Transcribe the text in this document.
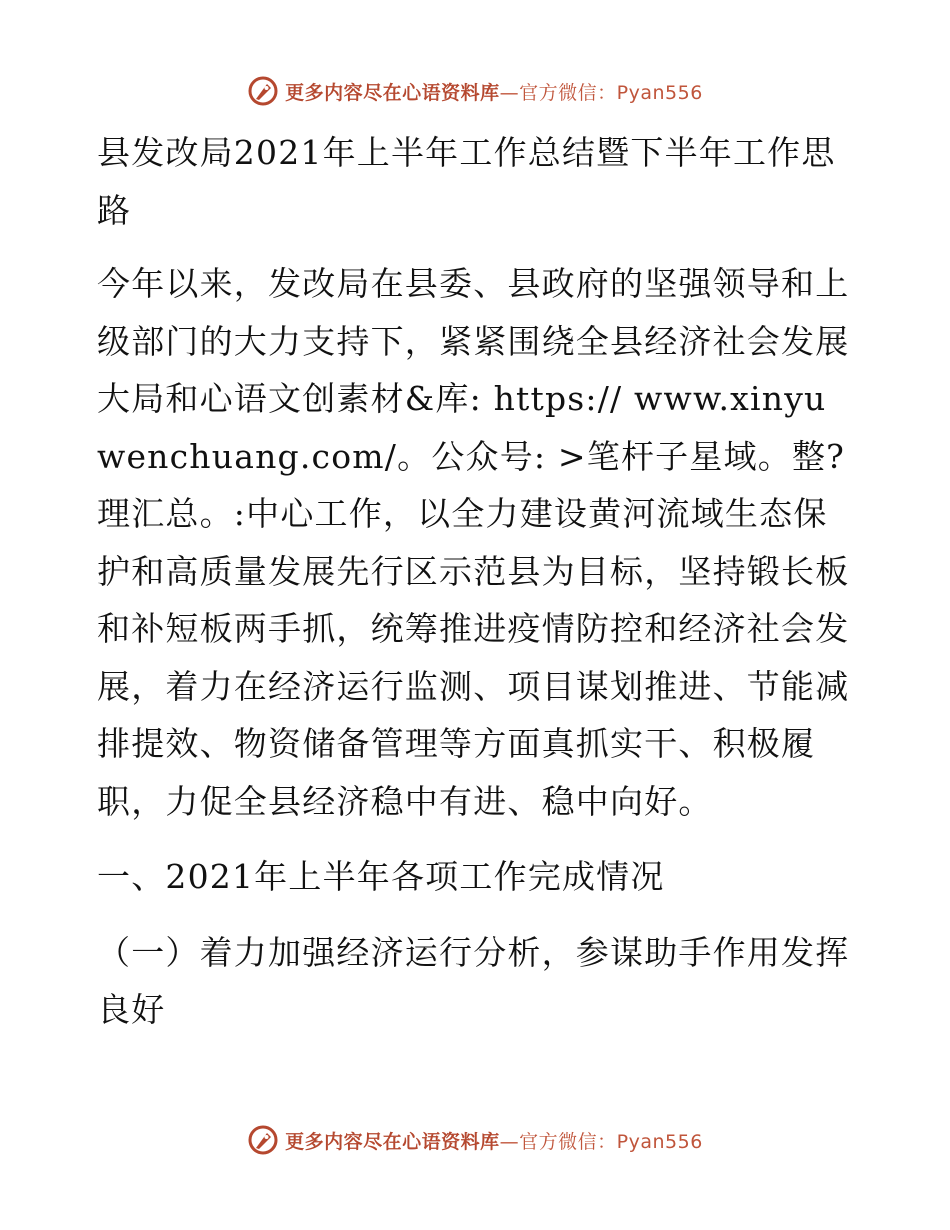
更多内容尽在心语资料库—官方微信：Pyan556

县发改局2021年上半年工作总结暨下半年工作思路

今年以来，发改局在县委、县政府的坚强领导和上级部门的大力支持下，紧紧围绕全县经济社会发展大局和心语文创素材&库: https:// www.xinyuwenchuang.com/。公众号: >笔杆子星域。整?理汇总。:中心工作，以全力建设黄河流域生态保护和高质量发展先行区示范县为目标，坚持锻长板和补短板两手抓，统筹推进疫情防控和经济社会发展，着力在经济运行监测、项目谋划推进、节能减排提效、物资储备管理等方面真抓实干、积极履职，力促全县经济稳中有进、稳中向好。

一、2021年上半年各项工作完成情况

（一）着力加强经济运行分析，参谋助手作用发挥良好

更多内容尽在心语资料库—官方微信：Pyan556
